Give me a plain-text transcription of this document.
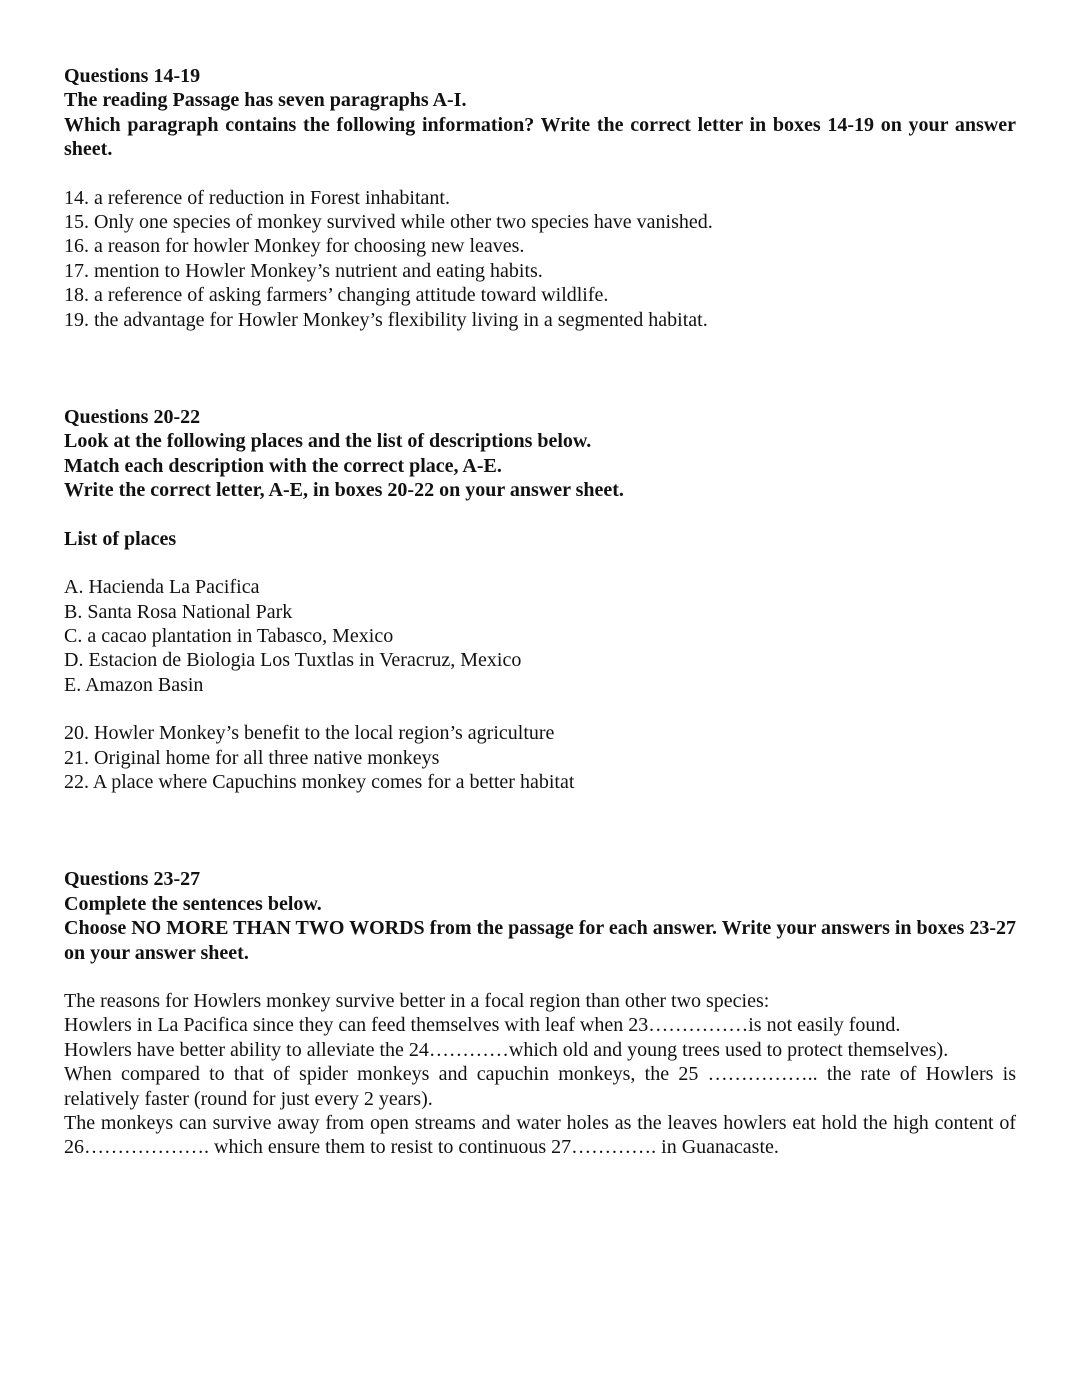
Questions 14-19

The reading Passage has seven paragraphs A-I.

Which paragraph contains the following information? Write the correct letter in boxes 14-19 on your answer sheet.

14. a reference of reduction in Forest inhabitant.

15. Only one species of monkey survived while other two species have vanished.

16. a reason for howler Monkey for choosing new leaves.

17. mention to Howler Monkey’s nutrient and eating habits.

18. a reference of asking farmers’ changing attitude toward wildlife.

19. the advantage for Howler Monkey’s flexibility living in a segmented habitat.

Questions 20-22

Look at the following places and the list of descriptions below.

Match each description with the correct place, A-E.

Write the correct letter, A-E, in boxes 20-22 on your answer sheet.

List of places

A. Hacienda La Pacifica

B. Santa Rosa National Park

C. a cacao plantation in Tabasco, Mexico

D. Estacion de Biologia Los Tuxtlas in Veracruz, Mexico

E. Amazon Basin

20. Howler Monkey’s benefit to the local region’s agriculture

21. Original home for all three native monkeys

22. A place where Capuchins monkey comes for a better habitat

Questions 23-27

Complete the sentences below.

Choose NO MORE THAN TWO WORDS from the passage for each answer. Write your answers in boxes 23-27 on your answer sheet.

The reasons for Howlers monkey survive better in a focal region than other two species:

Howlers in La Pacifica since they can feed themselves with leaf when 23……………is not easily found.

Howlers have better ability to alleviate the 24…………which old and young trees used to protect themselves).

When compared to that of spider monkeys and capuchin monkeys, the 25 …………….. the rate of Howlers is relatively faster (round for just every 2 years).

The monkeys can survive away from open streams and water holes as the leaves howlers eat hold the high content of 26………………. which ensure them to resist to continuous 27…………. in Guanacaste.
